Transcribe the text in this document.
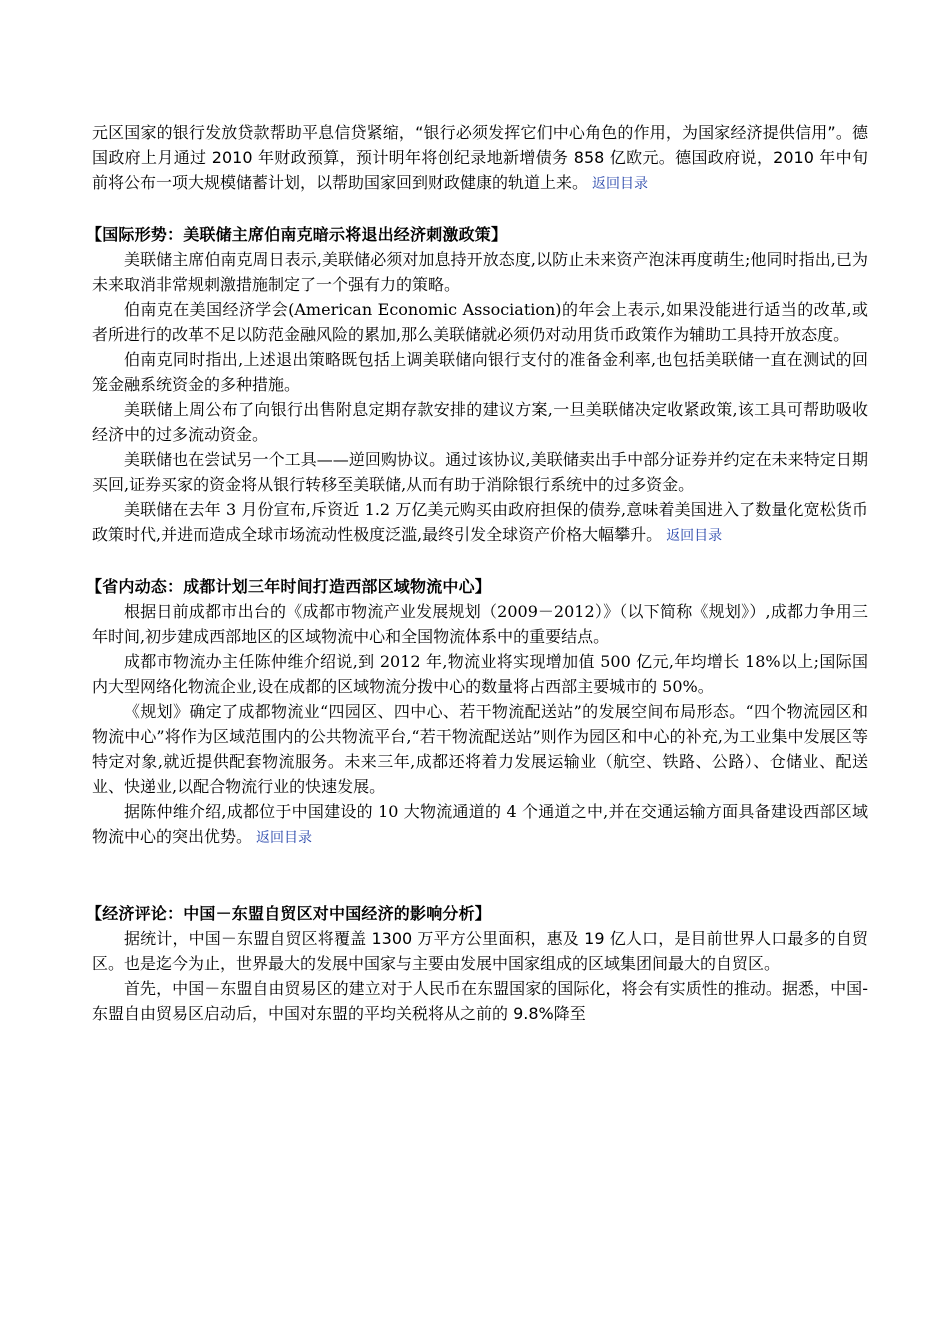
元区国家的银行发放贷款帮助平息信贷紧缩，“银行必须发挥它们中心角色的作用，为国家经济提供信用”。德国政府上月通过 2010 年财政预算，预计明年将创纪录地新增债务 858 亿欧元。德国政府说，2010 年中旬前将公布一项大规模储蓄计划，以帮助国家回到财政健康的轨道上来。 返回目录

【国际形势：美联储主席伯南克暗示将退出经济刺激政策】

美联储主席伯南克周日表示,美联储必须对加息持开放态度,以防止未来资产泡沫再度萌生;他同时指出,已为未来取消非常规刺激措施制定了一个强有力的策略。

伯南克在美国经济学会(American Economic Association)的年会上表示,如果没能进行适当的改革,或者所进行的改革不足以防范金融风险的累加,那么美联储就必须仍对动用货币政策作为辅助工具持开放态度。

伯南克同时指出,上述退出策略既包括上调美联储向银行支付的准备金利率,也包括美联储一直在测试的回笼金融系统资金的多种措施。

美联储上周公布了向银行出售附息定期存款安排的建议方案,一旦美联储决定收紧政策,该工具可帮助吸收经济中的过多流动资金。

美联储也在尝试另一个工具——逆回购协议。通过该协议,美联储卖出手中部分证券并约定在未来特定日期买回,证券买家的资金将从银行转移至美联储,从而有助于消除银行系统中的过多资金。

美联储在去年 3 月份宣布,斥资近 1.2 万亿美元购买由政府担保的债券,意味着美国进入了数量化宽松货币政策时代,并进而造成全球市场流动性极度泛滥,最终引发全球资产价格大幅攀升。 返回目录

【省内动态：成都计划三年时间打造西部区域物流中心】

根据日前成都市出台的《成都市物流产业发展规划（2009－2012）》（以下简称《规划》）,成都力争用三年时间,初步建成西部地区的区域物流中心和全国物流体系中的重要结点。

成都市物流办主任陈仲维介绍说,到 2012 年,物流业将实现增加值 500 亿元,年均增长 18%以上;国际国内大型网络化物流企业,设在成都的区域物流分拨中心的数量将占西部主要城市的 50%。

《规划》确定了成都物流业“四园区、四中心、若干物流配送站”的发展空间布局形态。“四个物流园区和物流中心”将作为区域范围内的公共物流平台,“若干物流配送站”则作为园区和中心的补充,为工业集中发展区等特定对象,就近提供配套物流服务。未来三年,成都还将着力发展运输业（航空、铁路、公路）、仓储业、配送业、快递业,以配合物流行业的快速发展。

据陈仲维介绍,成都位于中国建设的 10 大物流通道的 4 个通道之中,并在交通运输方面具备建设西部区域物流中心的突出优势。 返回目录

【经济评论：中国－东盟自贸区对中国经济的影响分析】

据统计，中国－东盟自贸区将覆盖 1300 万平方公里面积，惠及 19 亿人口，是目前世界人口最多的自贸区。也是迄今为止，世界最大的发展中国家与主要由发展中国家组成的区域集团间最大的自贸区。

首先，中国－东盟自由贸易区的建立对于人民币在东盟国家的国际化，将会有实质性的推动。据悉，中国-东盟自由贸易区启动后，中国对东盟的平均关税将从之前的 9.8%降至
